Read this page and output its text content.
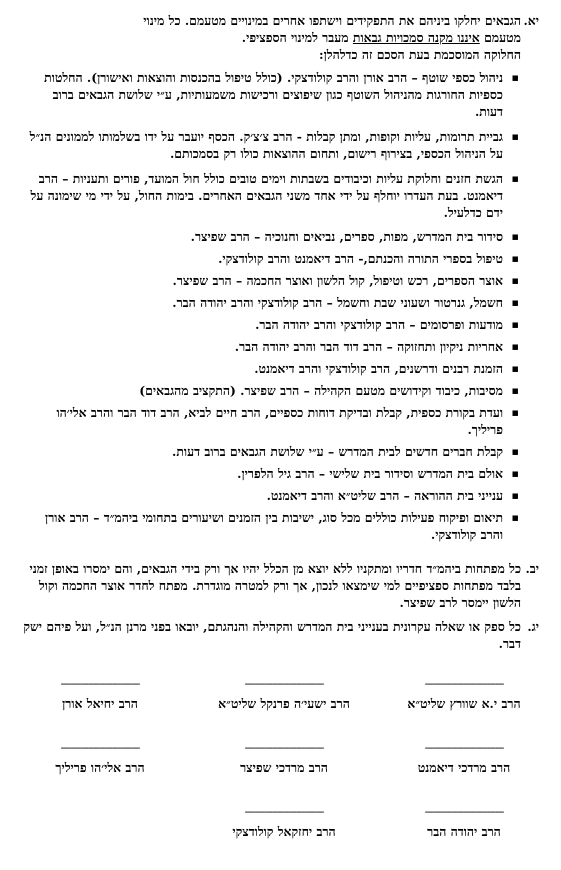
יא.

הגבאים יחלקו ביניהם את התפקידים וישתפו אחרים במינויים מטעמם. כל מינוי

מטעמם איננו מקנה סמכויות גבאות מעבר למינוי הספציפי.

החלוקה המוסכמת בעת הסכם זה כדלהלן:

▪ ניהול כספי שוטף – הרב אורן והרב קולודצקי. (כולל טיפול בהכנסות והוצאות ואישורן). החלטות כספיות החורגות מהניהול השוטף כגון שיפוצים ורכישות משמעותיות, ע״י שלושת הגבאים ברוב דעות.
▪ גביית תרומות, עליות וקופות, ומתן קבלות - הרב צ׳צ׳ק. הכסף יועבר על ידו בשלמותו לממונים הנ״ל על הניהול הכספי, בצירוף רישום, ותחום ההוצאות כולו רק בסמכותם.
▪ הגשת חזנים וחלוקת עליות וכיבודים בשבתות וימים טובים כולל חול המועד, פורים ותעניות – הרב דיאמנט. בעת העדרו יוחלף על ידי אחד משני הגבאים האחרים. בימות החול, על ידי מי שימונה על ידם כדלעיל.
▪ סידור בית המדרש, מפות, ספרים, נביאים וחנוכיה – הרב שפיצר.
▪ טיפול בספרי התורה והכנתם,- הרב דיאמנט והרב קולודצקי.
▪ אוצר הספרים, רכש וטיפול, קול הלשון ואוצר החכמה – הרב שפיצר.
▪ חשמל, גנרטור ושעוני שבת וחשמל – הרב קולודצקי והרב יהודה הבר.
▪ מודעות ופרסומים – הרב קולודצקי והרב יהודה הבר.
▪ אחריות ניקיון ותחזוקה – הרב דוד הבר והרב יהודה הבר.
▪ הזמנת רבנים ודרשנים, הרב קולודצקי והרב דיאמנט.
▪ מסיבות, כיבוד וקידושים מטעם הקהילה – הרב שפיצר. (התקציב מהגבאים)
▪ ועדת בקורת כספית, קבלת ובדיקת דוחות כספיים, הרב חיים לביא, הרב דוד הבר והרב אלי׳הו פריליך.
▪ קבלת חברים חדשים לבית המדרש – ע״י שלושת הגבאים ברוב דעות.
▪ אולם בית המדרש וסידור בית שלישי – הרב גיל הלפרין.
▪ ענייני בית ההוראה – הרב שליט״א והרב דיאמנט.
▪ תיאום ופיקוח פעילות כוללים מכל סוג, ישיבות בין הזמנים ושיעורים בתחומי ביהמ״ד – הרב אורן והרב קולודצקי.
יב.

כל מפתחות ביהמ״ד חדריו ומתקניו ללא יוצא מן הכלל יהיו אך ורק בידי הגבאים, והם ימסרו באופן זמני בלבד מפתחות ספציפיים למי שימצאו לנכון, אך ורק למטרה מוגדרת. מפתח לחדר אוצר החכמה וקול הלשון יימסר לרב שפיצר.

יג.

כל ספק או שאלה עקרונית בענייני בית המדרש והקהילה והנהגתם, יובאו בפני מרנן הנ״ל, ועל פיהם ישק דבר.

-----------------------------
הרב י.א שוורץ שליט״א
-----------------------------
הרב ישעי׳ה פרנקל שליט״א
-----------------------------
הרב יחיאל אורן
-----------------------------
הרב מרדכי דיאמנט
-----------------------------
הרב מרדכי שפיצר
-----------------------------
הרב אלי׳הו פריליך
-----------------------------
הרב יהודה הבר
-----------------------------
הרב יחזקאל קולודצקי
